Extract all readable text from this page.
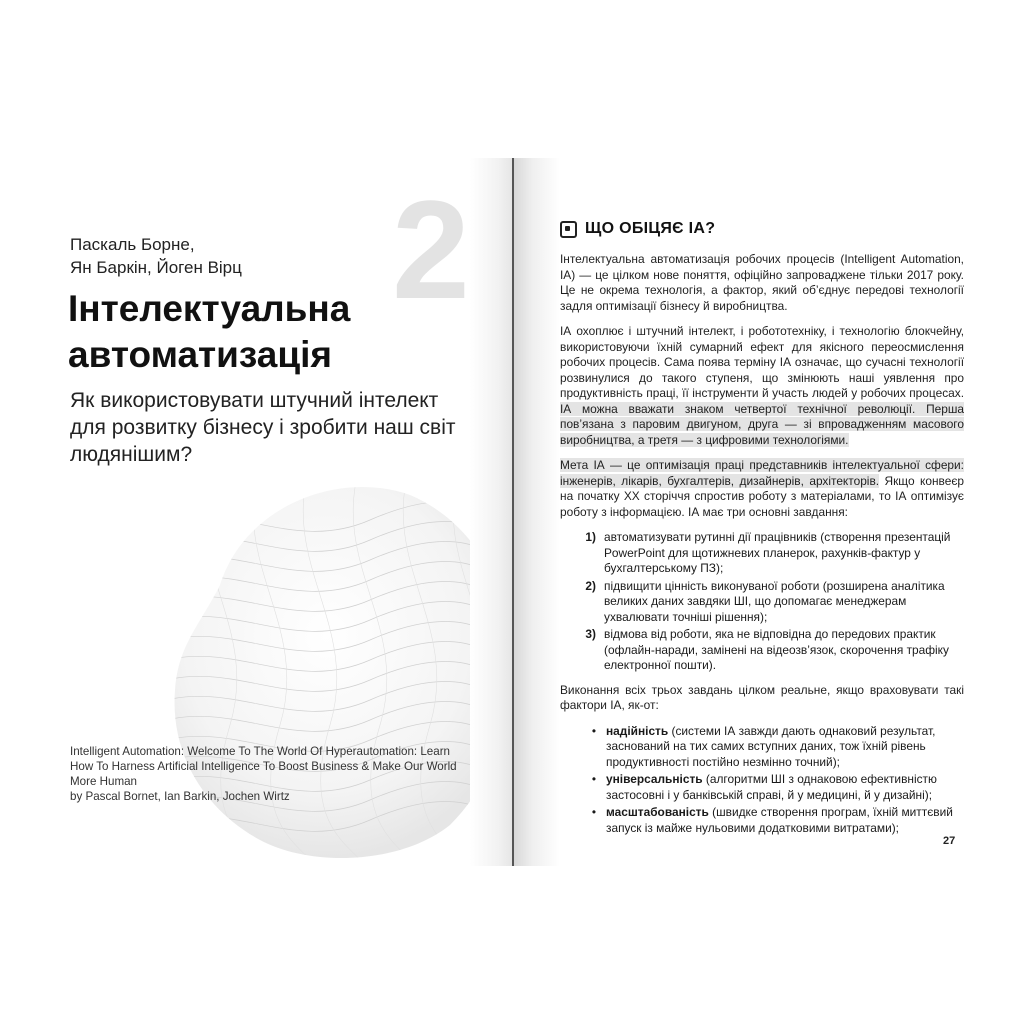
2
Паскаль Борне,
Ян Баркін, Йоген Вірц
Інтелектуальна
автоматизація
Як використовувати штучний інтелект
для розвитку бізнесу і зробити наш світ
людянішим?
Intelligent Automation: Welcome To The World Of Hyperautomation: Learn
How To Harness Artificial Intelligence To Boost Business & Make Our World
More Human
by Pascal Bornet, Ian Barkin, Jochen Wirtz
ЩО ОБІЦЯЄ ІА?

Інтелектуальна автоматизація робочих процесів (Intelligent Automation, ІА) — це цілком нове поняття, офіційно запроваджене тільки 2017 року. Це не окрема технологія, а фактор, який об’єднує передові технології задля оптимізації бізнесу й виробництва.

ІА охоплює і штучний інтелект, і робототехніку, і технологію блокчейну, використовуючи їхній сумарний ефект для якісного переосмислення робочих процесів. Сама поява терміну ІА означає, що сучасні технології розвинулися до такого ступеня, що змінюють наші уявлення про продуктивність праці, її інструменти й участь людей у робочих процесах. ІА можна вважати знаком четвертої технічної революції. Перша пов’язана з паровим двигуном, друга — зі впровадженням масового виробництва, а третя — з цифровими технологіями.

Мета ІА — це оптимізація праці представників інтелектуальної сфери: інженерів, лікарів, бухгалтерів, дизайнерів, архітекторів. Якщо конвеєр на початку XX сторіччя спростив роботу з матеріалами, то ІА оптимізує роботу з інформацією. ІА має три основні завдання:

1) автоматизувати рутинні дії працівників (створення презентацій PowerPoint для щотижневих планерок, рахунків-фактур у бухгалтерському ПЗ);
2) підвищити цінність виконуваної роботи (розширена аналітика великих даних завдяки ШІ, що допомагає менеджерам ухвалювати точніші рішення);
3) відмова від роботи, яка не відповідна до передових практик (офлайн-наради, замінені на відеозв’язок, скорочення трафіку електронної пошти).

Виконання всіх трьох завдань цілком реальне, якщо враховувати такі фактори ІА, як-от:

• надійність (системи ІА завжди дають однаковий результат, заснований на тих самих вступних даних, тож їхній рівень продуктивності постійно незмінно точний);
• універсальність (алгоритми ШІ з однаковою ефективністю застосовні і у банківській справі, й у медицині, й у дизайні);
• масштабованість (швидке створення програм, їхній миттєвий запуск із майже нульовими додатковими витратами);
27
